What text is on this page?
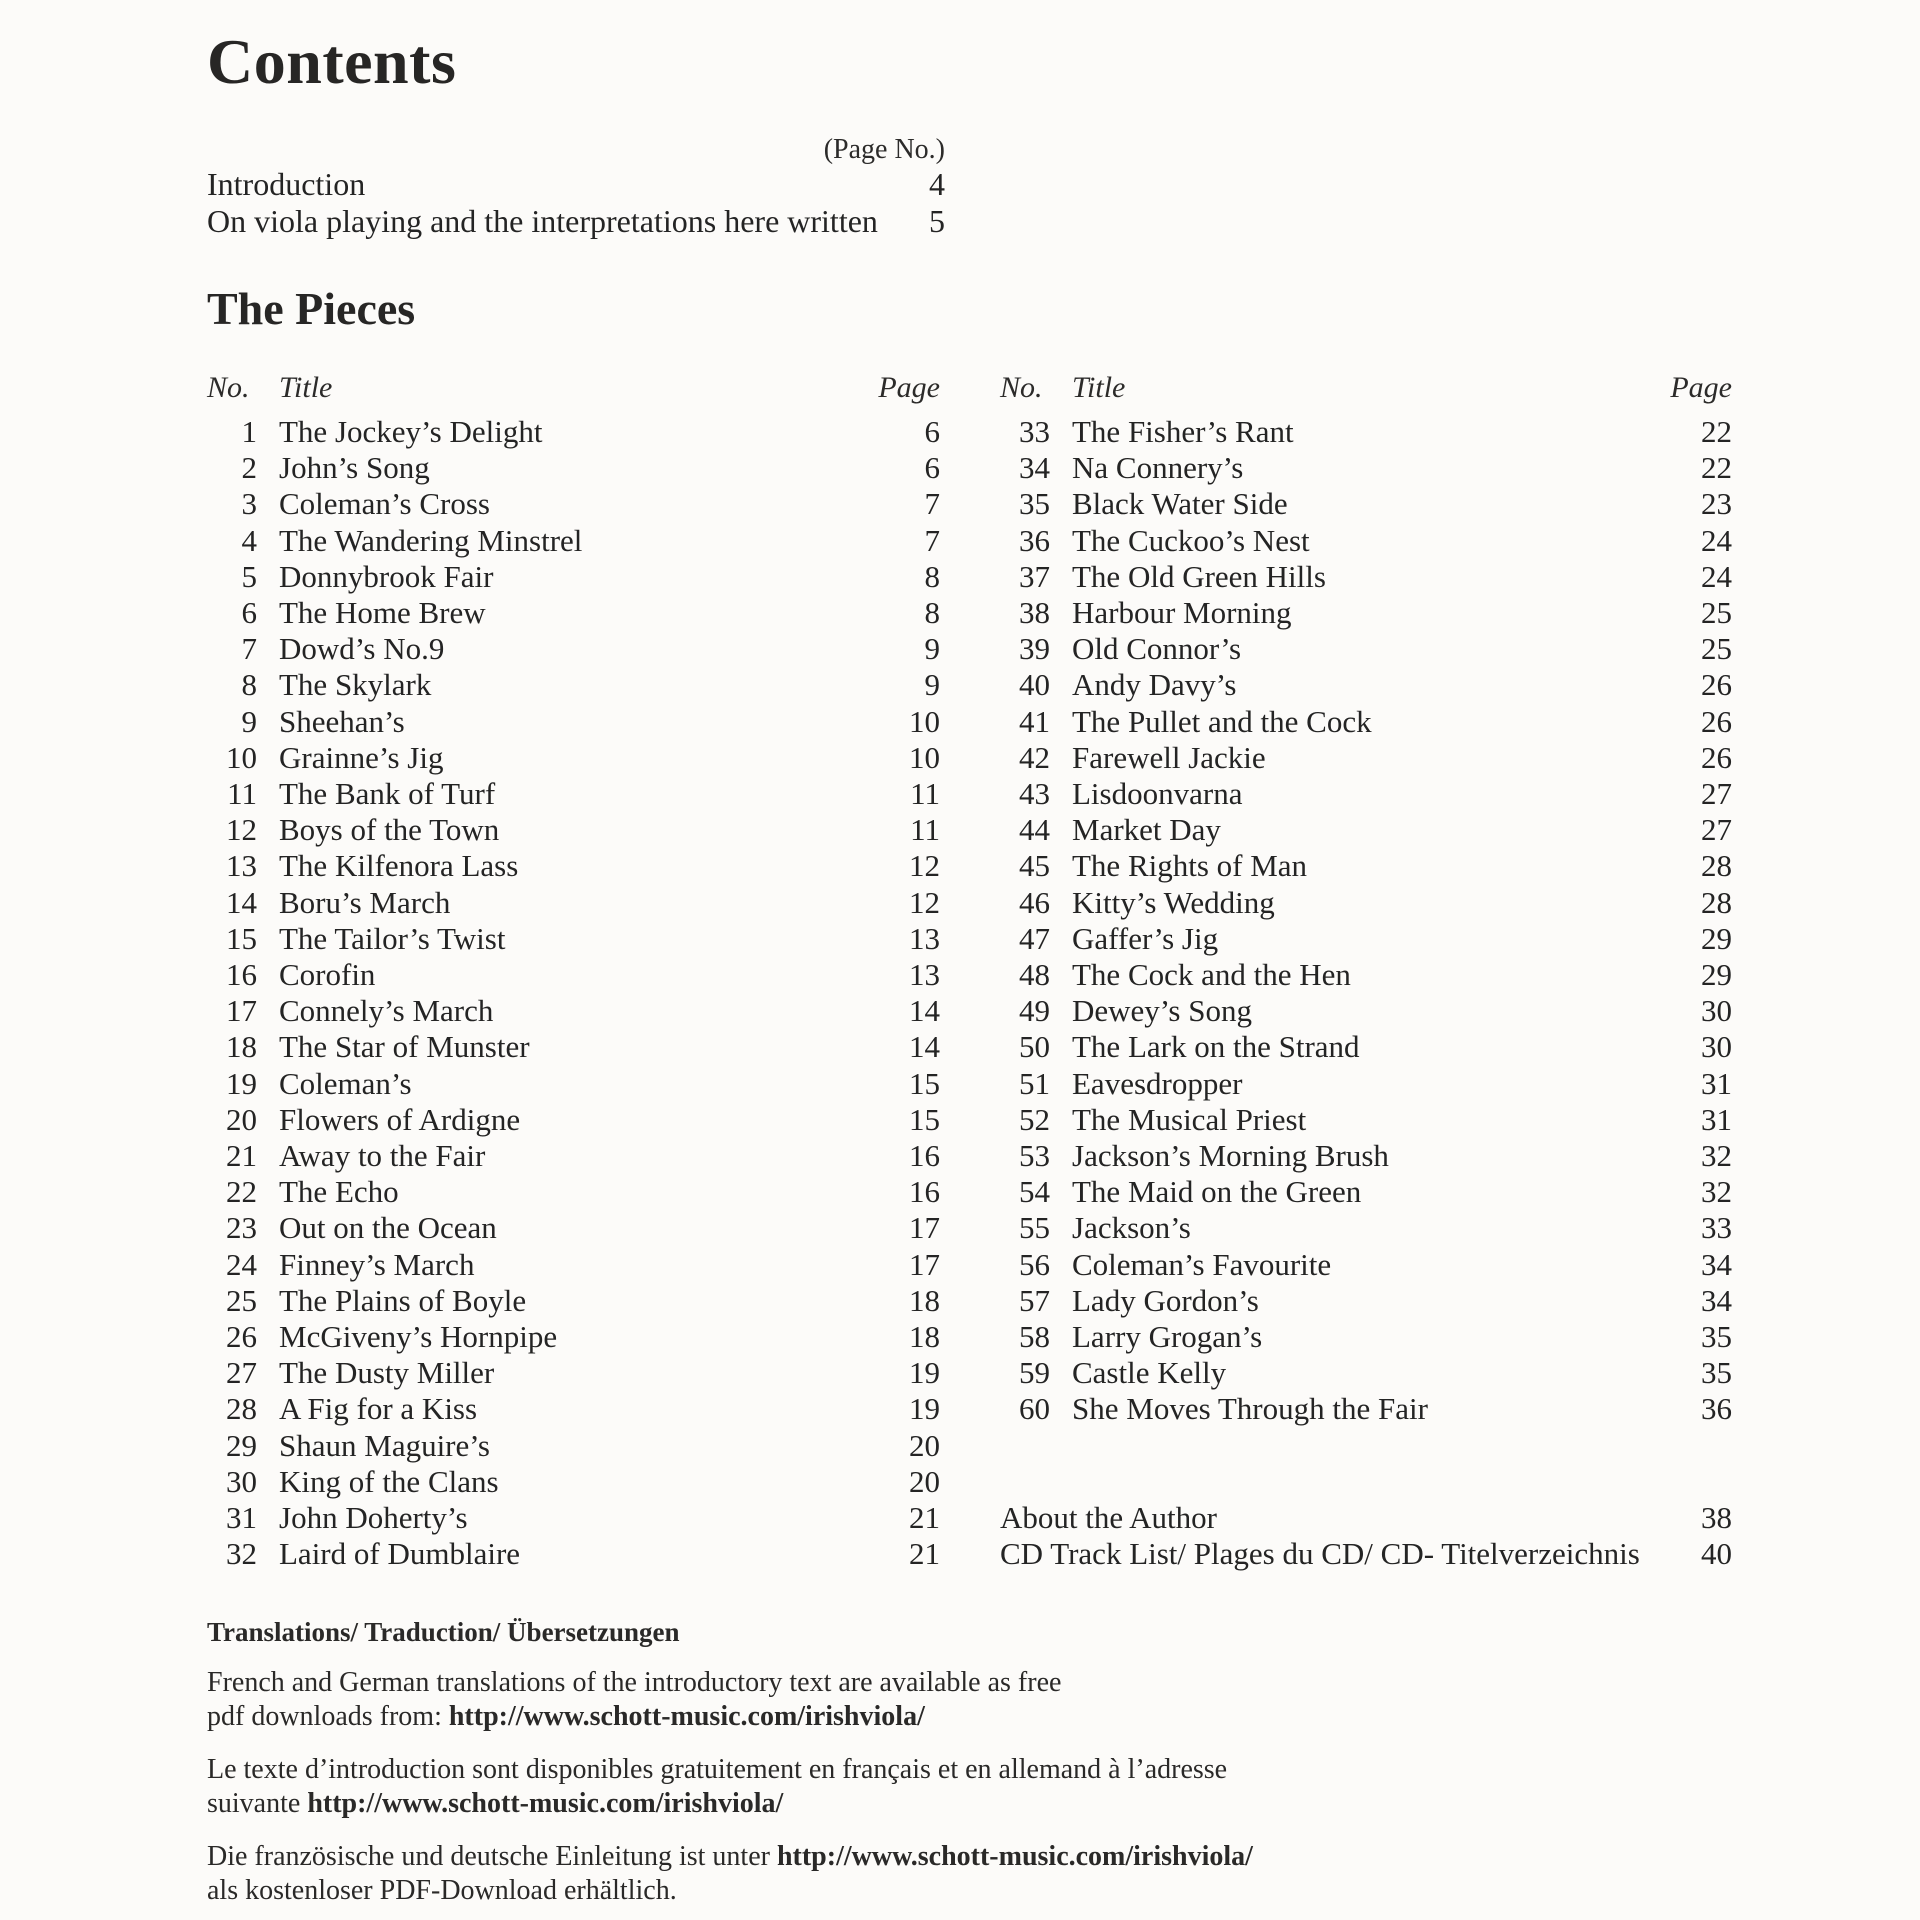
Contents
(Page No.)
Introduction	4
On viola playing and the interpretations here written	5
The Pieces
No. Title	Page
1 The Jockey’s Delight	6
2 John’s Song	6
3 Coleman’s Cross	7
4 The Wandering Minstrel	7
5 Donnybrook Fair	8
6 The Home Brew	8
7 Dowd’s No.9	9
8 The Skylark	9
9 Sheehan’s	10
10 Grainne’s Jig	10
11 The Bank of Turf	11
12 Boys of the Town	11
13 The Kilfenora Lass	12
14 Boru’s March	12
15 The Tailor’s Twist	13
16 Corofin	13
17 Connely’s March	14
18 The Star of Munster	14
19 Coleman’s	15
20 Flowers of Ardigne	15
21 Away to the Fair	16
22 The Echo	16
23 Out on the Ocean	17
24 Finney’s March	17
25 The Plains of Boyle	18
26 McGiveny’s Hornpipe	18
27 The Dusty Miller	19
28 A Fig for a Kiss	19
29 Shaun Maguire’s	20
30 King of the Clans	20
31 John Doherty’s	21
32 Laird of Dumblaire	21
No. Title	Page
33 The Fisher’s Rant	22
34 Na Connery’s	22
35 Black Water Side	23
36 The Cuckoo’s Nest	24
37 The Old Green Hills	24
38 Harbour Morning	25
39 Old Connor’s	25
40 Andy Davy’s	26
41 The Pullet and the Cock	26
42 Farewell Jackie	26
43 Lisdoonvarna	27
44 Market Day	27
45 The Rights of Man	28
46 Kitty’s Wedding	28
47 Gaffer’s Jig	29
48 The Cock and the Hen	29
49 Dewey’s Song	30
50 The Lark on the Strand	30
51 Eavesdropper	31
52 The Musical Priest	31
53 Jackson’s Morning Brush	32
54 The Maid on the Green	32
55 Jackson’s	33
56 Coleman’s Favourite	34
57 Lady Gordon’s	34
58 Larry Grogan’s	35
59 Castle Kelly	35
60 She Moves Through the Fair	36
About the Author	38
CD Track List/ Plages du CD/ CD- Titelverzeichnis	40
Translations/ Traduction/ Übersetzungen

French and German translations of the introductory text are available as free
pdf downloads from: http://www.schott-music.com/irishviola/

Le texte d’introduction sont disponibles gratuitement en français et en allemand à l’adresse
suivante http://www.schott-music.com/irishviola/

Die französische und deutsche Einleitung ist unter http://www.schott-music.com/irishviola/
als kostenloser PDF-Download erhältlich.
